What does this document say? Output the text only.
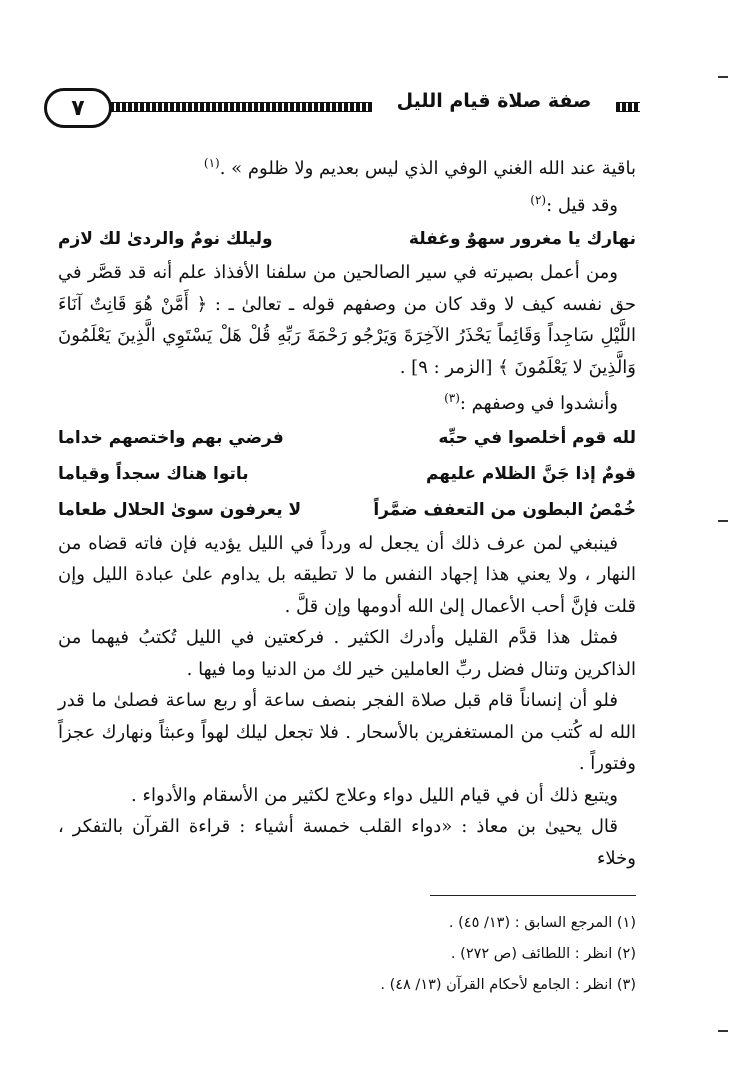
٧	صفة صلاة قيام الليل

باقية عند الله الغني الوفي الذي ليس بعديم ولا ظلوم » .$^{(١)}$

وقد قيل :$^{(٢)}$

نهارك يا مغرور سهوٌ وغفلة
وليلك نومٌ والردىٰ لك لازم

ومن أعمل بصيرته في سير الصالحين من سلفنا الأفذاذ علم أنه قد قصَّر في حق نفسه كيف لا وقد كان من وصفهم قوله ـ تعالىٰ ـ : ﴿ أَمَّنْ هُوَ قَانِتٌ آنَاءَ اللَّيْلِ سَاجِداً وَقَائِماً يَحْذَرُ الآخِرَةَ وَيَرْجُو رَحْمَةَ رَبِّهِ قُلْ هَلْ يَسْتَوِي الَّذِينَ يَعْلَمُونَ وَالَّذِينَ لا يَعْلَمُونَ ﴾ [الزمر : ٩] .

وأنشدوا في وصفهم :$^{(٣)}$

لله قوم أخلصوا في حبِّه
فرضي بهم واختصهم خداما
قومٌ إذا جَنَّ الظلام عليهم
باتوا هناك سجداً وقياما
خُمْصُ البطون من التعفف ضمَّراً
لا يعرفون سوىٰ الحلال طعاما

فينبغي لمن عرف ذلك أن يجعل له ورداً في الليل يؤديه فإن فاته قضاه من النهار ، ولا يعني هذا إجهاد النفس ما لا تطيقه بل يداوم علىٰ عبادة الليل وإن قلت فإنَّ أحب الأعمال إلىٰ الله أدومها وإن قلَّ .

فمثل هذا قدَّم القليل وأدرك الكثير . فركعتين في الليل تُكتبُ فيهما من الذاكرين وتنال فضل ربِّ العاملين خير لك من الدنيا وما فيها .

فلو أن إنساناً قام قبل صلاة الفجر بنصف ساعة أو ربع ساعة فصلىٰ ما قدر الله له كُتب من المستغفرين بالأسحار . فلا تجعل ليلك لهواً وعبثاً ونهارك عجزاً وفتوراً .

ويتبع ذلك أن في قيام الليل دواء وعلاج لكثير من الأسقام والأدواء .

قال يحيىٰ بن معاذ : «دواء القلب خمسة أشياء : قراءة القرآن بالتفكر ، وخلاء

(١) المرجع السابق : (١٣/ ٤٥) .
(٢) انظر : اللطائف (ص ٢٧٢) .
(٣) انظر : الجامع لأحكام القرآن (١٣/ ٤٨) .
